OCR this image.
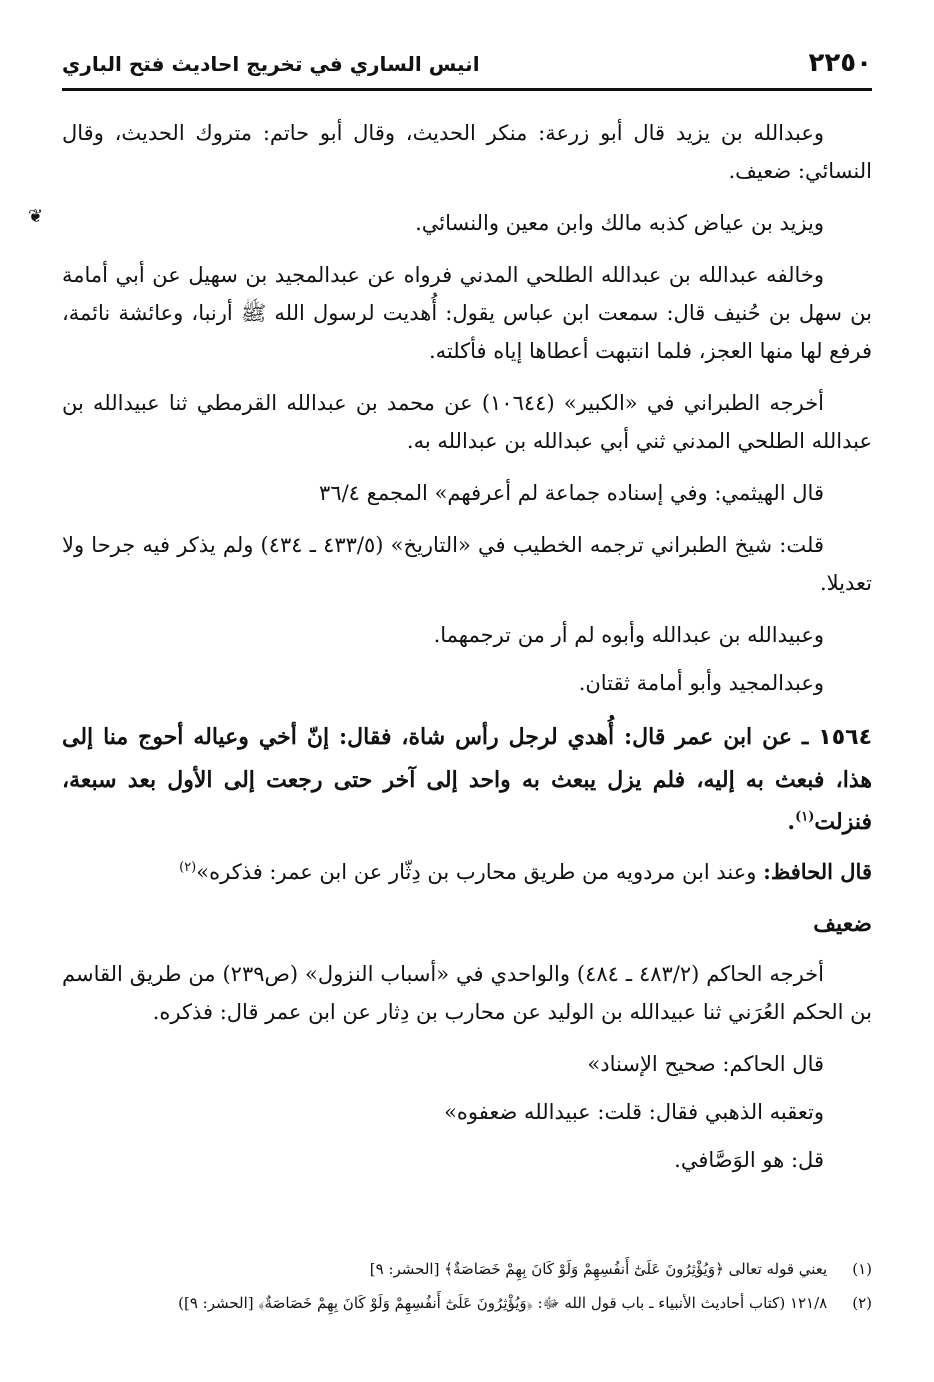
٢٢٥٠
انيس الساري في تخريج احاديث فتح الباري

وعبدالله بن يزيد قال أبو زرعة: منكر الحديث، وقال أبو حاتم: متروك الحديث، وقال النسائي: ضعيف.

ويزيد بن عياض كذبه مالك وابن معين والنسائي.

وخالفه عبدالله بن عبدالله الطلحي المدني فرواه عن عبدالمجيد بن سهيل عن أبي أمامة بن سهل بن حُنيف قال: سمعت ابن عباس يقول: أُهديت لرسول الله ﷺ أرنبا، وعائشة نائمة، فرفع لها منها العجز، فلما انتبهت أعطاها إياه فأكلته.

أخرجه الطبراني في «الكبير» (١٠٦٤٤) عن محمد بن عبدالله القرمطي ثنا عبيدالله بن عبدالله الطلحي المدني ثني أبي عبدالله بن عبدالله به.

قال الهيثمي: وفي إسناده جماعة لم أعرفهم» المجمع ٣٦/٤

قلت: شيخ الطبراني ترجمه الخطيب في «التاريخ» (٤٣٣/٥ ـ ٤٣٤) ولم يذكر فيه جرحا ولا تعديلا.

وعبيدالله بن عبدالله وأبوه لم أر من ترجمهما.

وعبدالمجيد وأبو أمامة ثقتان.

١٥٦٤ ـ عن ابن عمر قال: أُهدي لرجل رأس شاة، فقال: إنّ أخي وعياله أحوج منا إلى هذا، فبعث به إليه، فلم يزل يبعث به واحد إلى آخر حتى رجعت إلى الأول بعد سبعة، فنزلت$^{(١)}$.

قال الحافظ: وعند ابن مردويه من طريق محارب بن دِثّار عن ابن عمر: فذكره»$^{(٢)}$

ضعيف

أخرجه الحاكم (٤٨٣/٢ ـ ٤٨٤) والواحدي في «أسباب النزول» (ص٢٣٩) من طريق القاسم بن الحكم العُرَني ثنا عبيدالله بن الوليد عن محارب بن دِثار عن ابن عمر قال: فذكره.

قال الحاكم: صحيح الإسناد»

وتعقبه الذهبي فقال: قلت: عبيدالله ضعفوه»

قل: هو الوَصَّافي.

❦
(١) يعني قوله تعالى ﴿وَيُؤْثِرُونَ عَلَىٰٓ أَنفُسِهِمْ وَلَوْ كَانَ بِهِمْ خَصَاصَةٌ﴾ [الحشر: ٩]
(٢) ١٢١/٨ (كتاب أحاديث الأنبياء ـ باب قول الله ﷻ: ﴿وَيُؤْثِرُونَ عَلَىٰٓ أَنفُسِهِمْ وَلَوْ كَانَ بِهِمْ خَصَاصَةٌ﴾ [الحشر: ٩])
